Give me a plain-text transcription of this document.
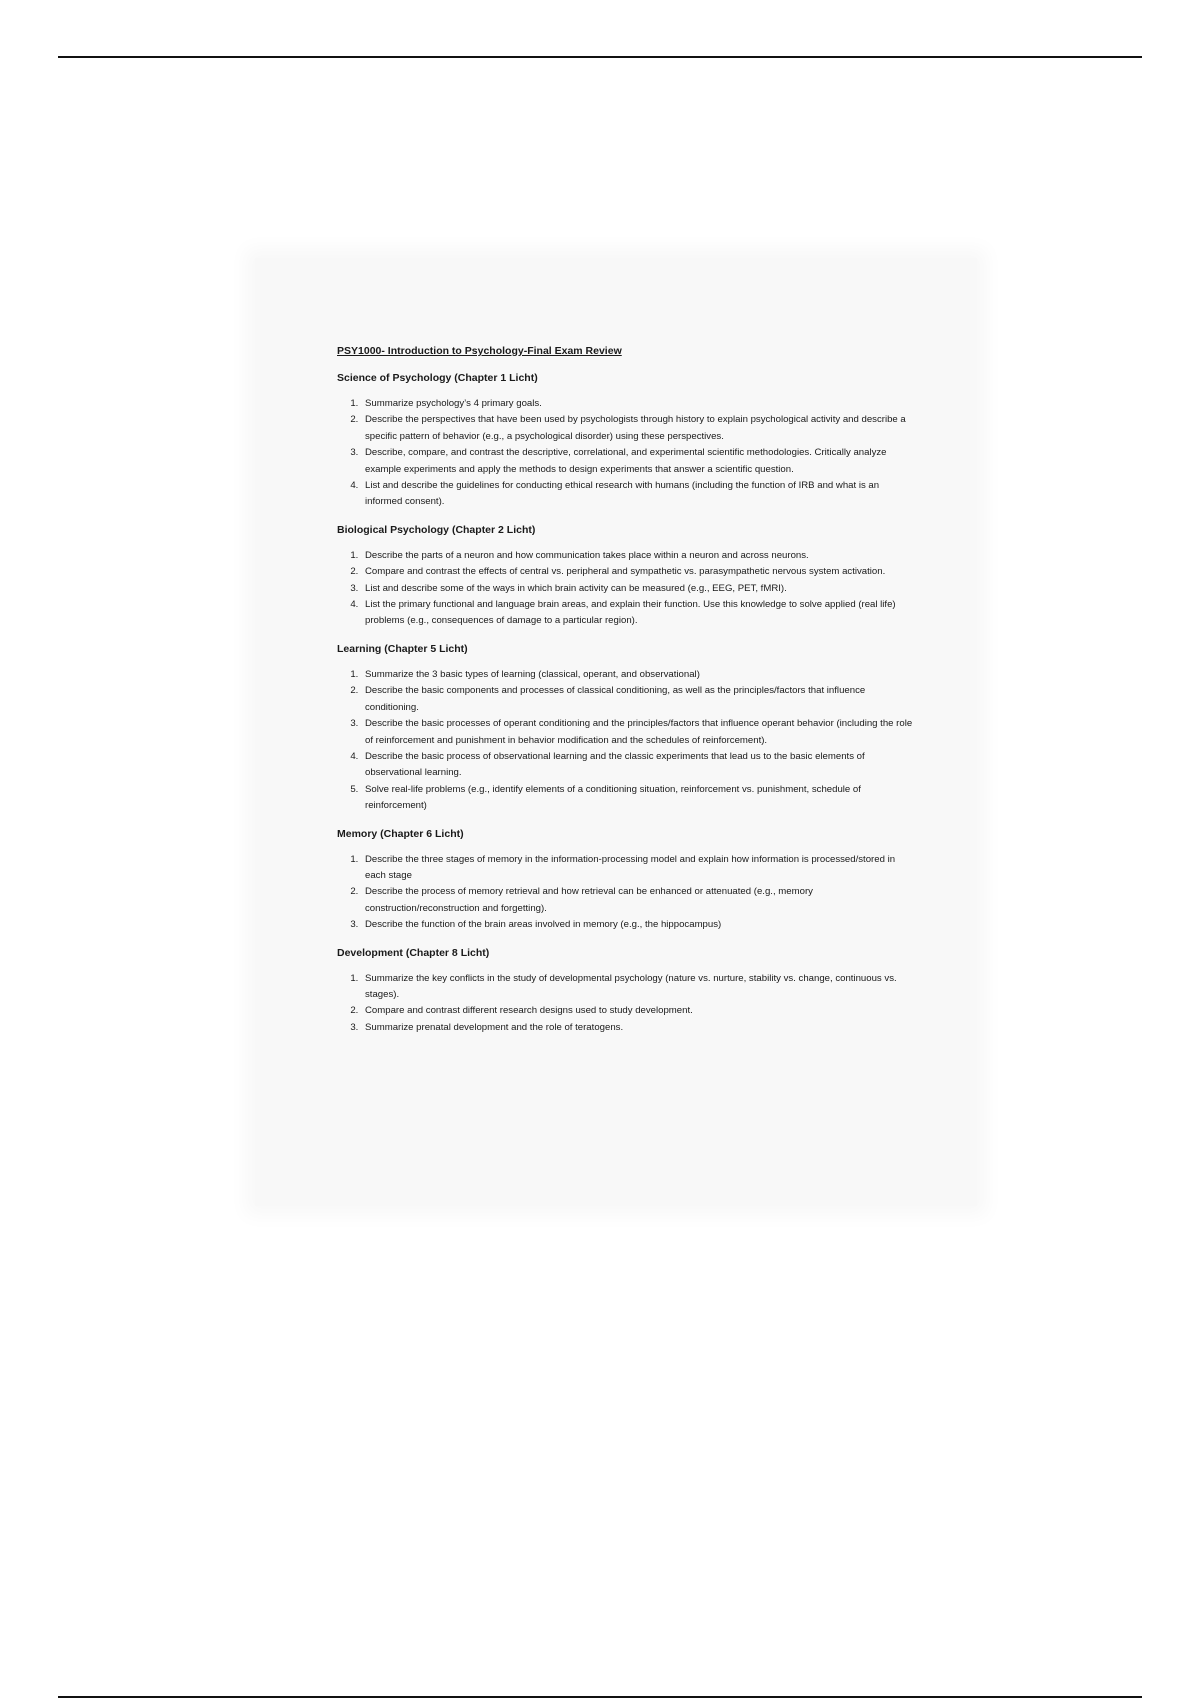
PSY1000- Introduction to Psychology-Final Exam Review
Science of Psychology (Chapter 1 Licht)
1. Summarize psychology’s 4 primary goals.
2. Describe the perspectives that have been used by psychologists through history to explain psychological activity and describe a specific pattern of behavior (e.g., a psychological disorder) using these perspectives.
3. Describe, compare, and contrast the descriptive, correlational, and experimental scientific methodologies. Critically analyze example experiments and apply the methods to design experiments that answer a scientific question.
4. List and describe the guidelines for conducting ethical research with humans (including the function of IRB and what is an informed consent).
Biological Psychology (Chapter 2 Licht)
1. Describe the parts of a neuron and how communication takes place within a neuron and across neurons.
2. Compare and contrast the effects of central vs. peripheral and sympathetic vs. parasympathetic nervous system activation.
3. List and describe some of the ways in which brain activity can be measured (e.g., EEG, PET, fMRI).
4. List the primary functional and language brain areas, and explain their function. Use this knowledge to solve applied (real life) problems (e.g., consequences of damage to a particular region).
Learning (Chapter 5 Licht)
1. Summarize the 3 basic types of learning (classical, operant, and observational)
2. Describe the basic components and processes of classical conditioning, as well as the principles/factors that influence conditioning.
3. Describe the basic processes of operant conditioning and the principles/factors that influence operant behavior (including the role of reinforcement and punishment in behavior modification and the schedules of reinforcement).
4. Describe the basic process of observational learning and the classic experiments that lead us to the basic elements of observational learning.
5. Solve real-life problems (e.g., identify elements of a conditioning situation, reinforcement vs. punishment, schedule of reinforcement)
Memory (Chapter 6 Licht)
1. Describe the three stages of memory in the information-processing model and explain how information is processed/stored in each stage
2. Describe the process of memory retrieval and how retrieval can be enhanced or attenuated (e.g., memory construction/reconstruction and forgetting).
3. Describe the function of the brain areas involved in memory (e.g., the hippocampus)
Development (Chapter 8 Licht)
1. Summarize the key conflicts in the study of developmental psychology (nature vs. nurture, stability vs. change, continuous vs. stages).
2. Compare and contrast different research designs used to study development.
3. Summarize prenatal development and the role of teratogens.
